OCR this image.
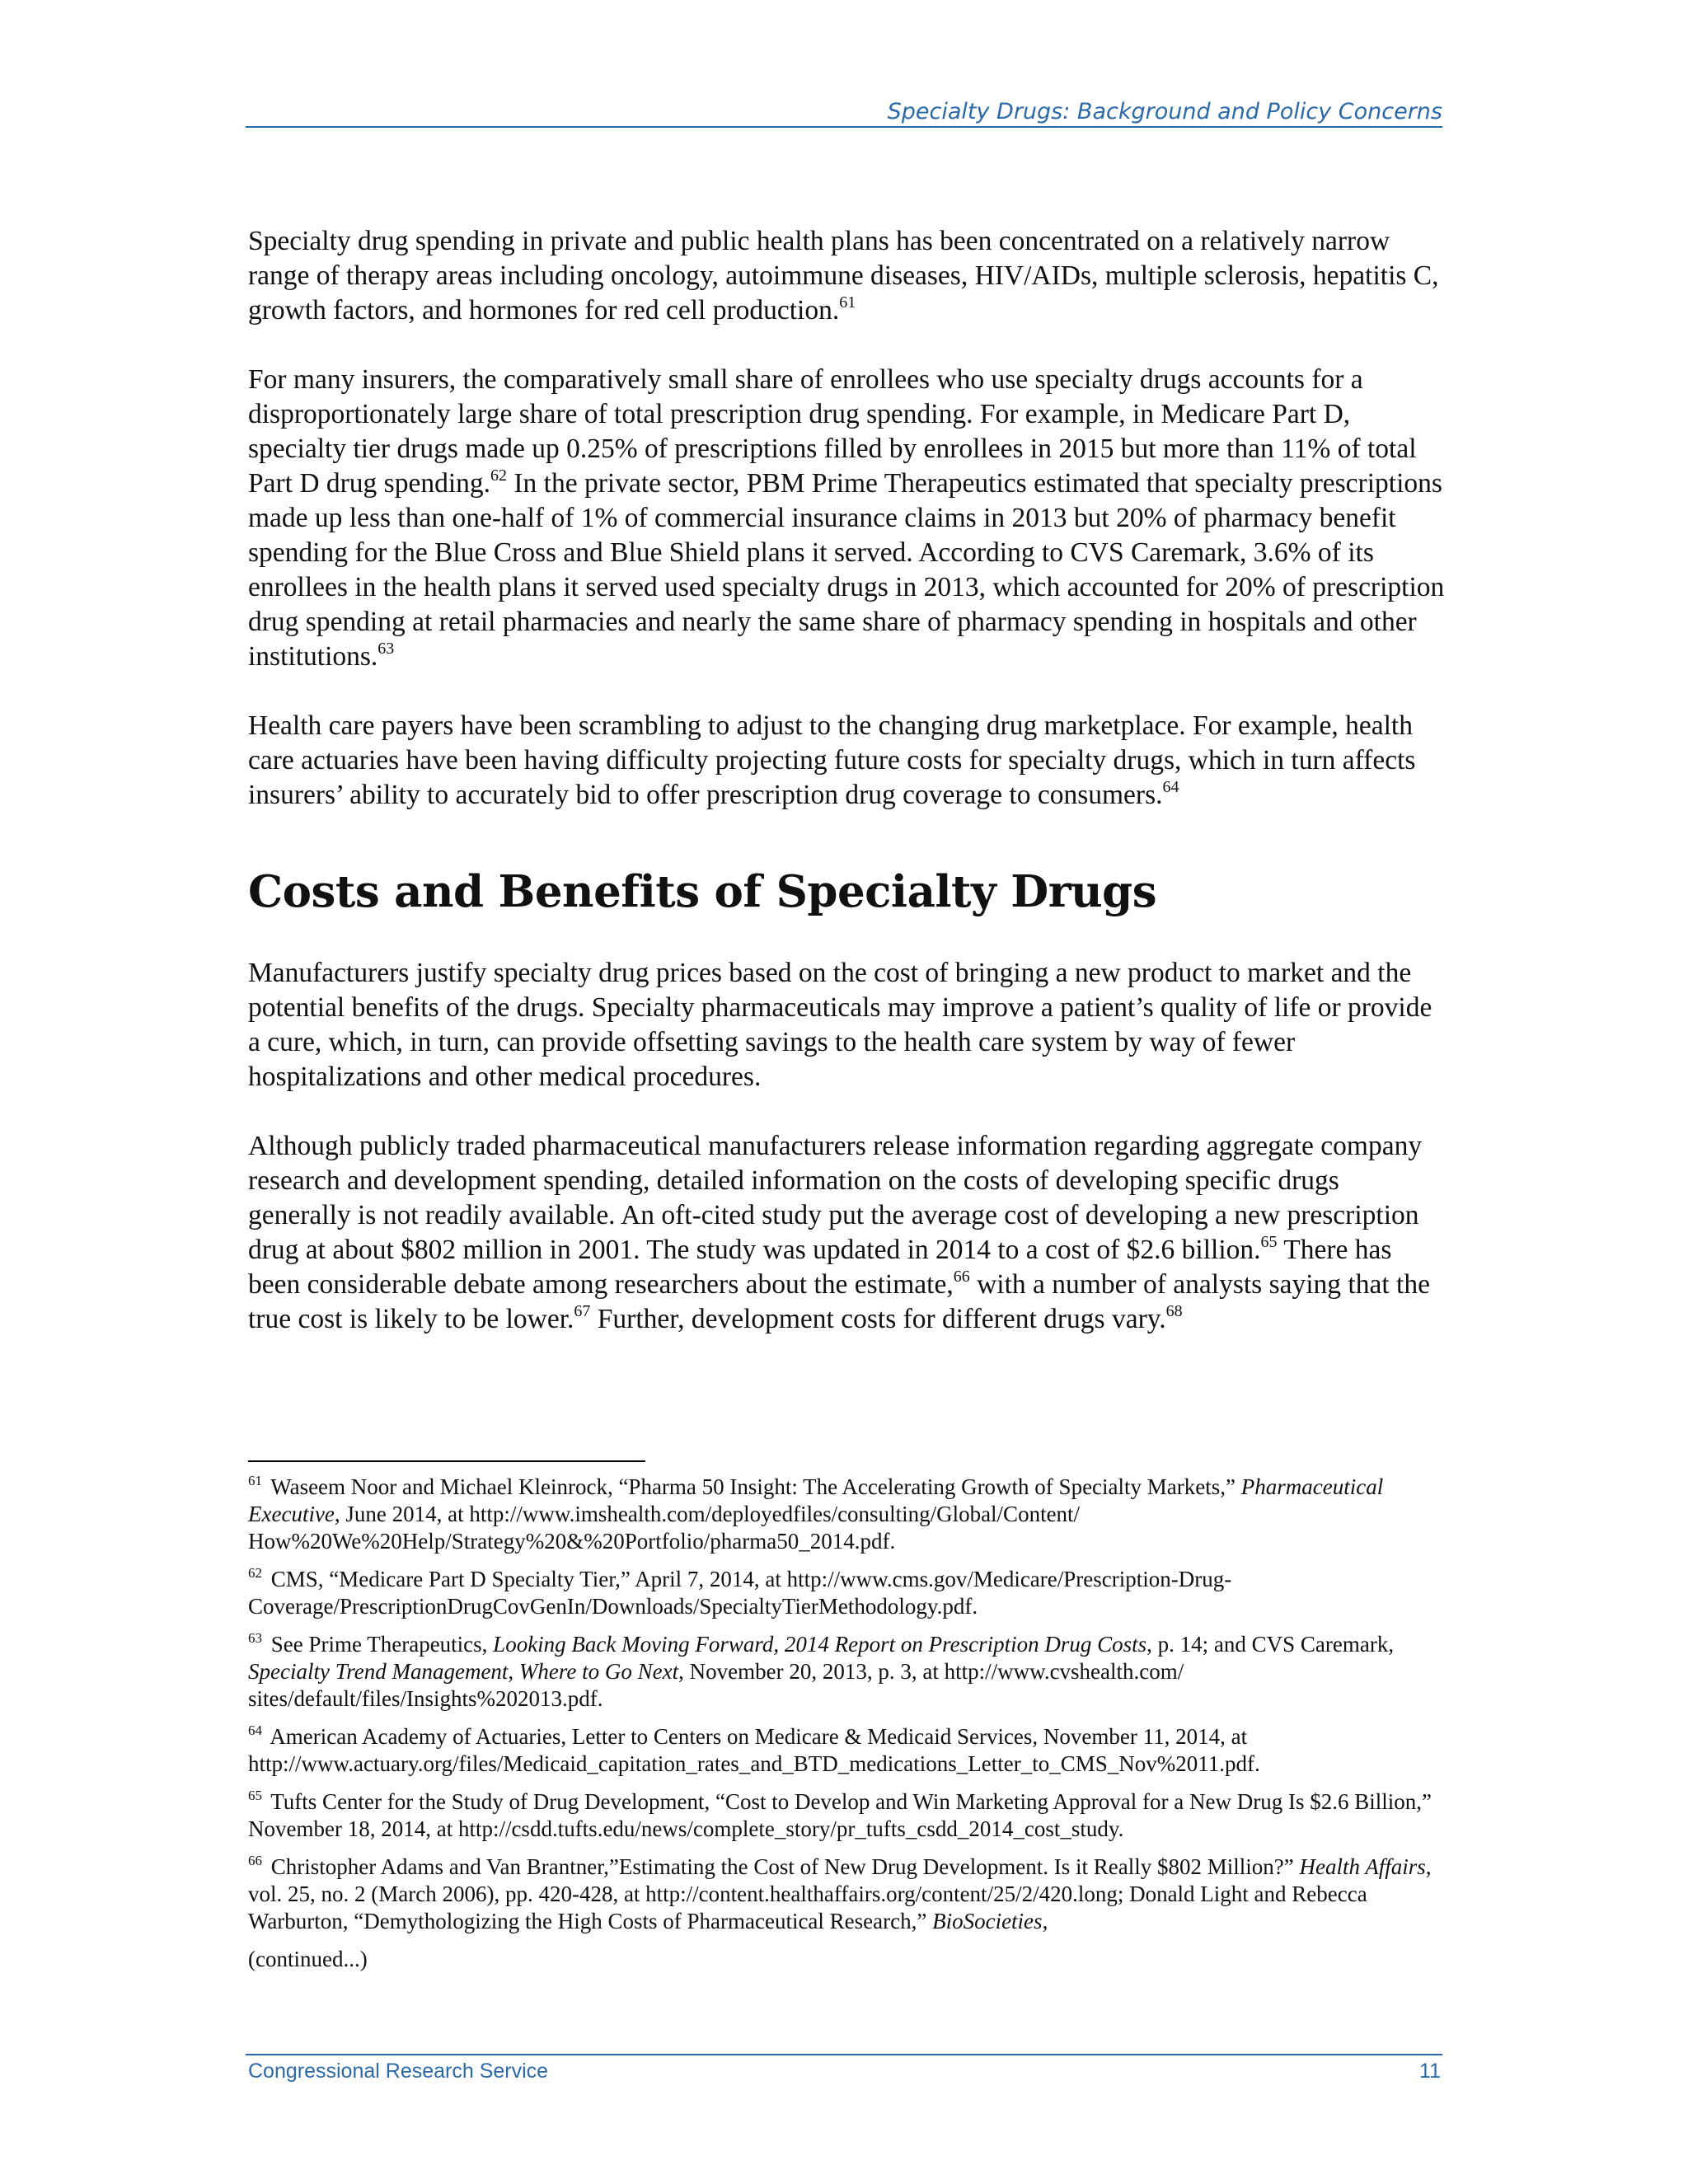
Specialty Drugs: Background and Policy Concerns

Specialty drug spending in private and public health plans has been concentrated on a relatively narrow range of therapy areas including oncology, autoimmune diseases, HIV/AIDs, multiple sclerosis, hepatitis C, growth factors, and hormones for red cell production.$^{61}$

For many insurers, the comparatively small share of enrollees who use specialty drugs accounts for a disproportionately large share of total prescription drug spending. For example, in Medicare Part D, specialty tier drugs made up 0.25% of prescriptions filled by enrollees in 2015 but more than 11% of total Part D drug spending.$^{62}$ In the private sector, PBM Prime Therapeutics estimated that specialty prescriptions made up less than one-half of 1% of commercial insurance claims in 2013 but 20% of pharmacy benefit spending for the Blue Cross and Blue Shield plans it served. According to CVS Caremark, 3.6% of its enrollees in the health plans it served used specialty drugs in 2013, which accounted for 20% of prescription drug spending at retail pharmacies and nearly the same share of pharmacy spending in hospitals and other institutions.$^{63}$

Health care payers have been scrambling to adjust to the changing drug marketplace. For example, health care actuaries have been having difficulty projecting future costs for specialty drugs, which in turn affects insurers’ ability to accurately bid to offer prescription drug coverage to consumers.$^{64}$

Costs and Benefits of Specialty Drugs

Manufacturers justify specialty drug prices based on the cost of bringing a new product to market and the potential benefits of the drugs. Specialty pharmaceuticals may improve a patient’s quality of life or provide a cure, which, in turn, can provide offsetting savings to the health care system by way of fewer hospitalizations and other medical procedures.

Although publicly traded pharmaceutical manufacturers release information regarding aggregate company research and development spending, detailed information on the costs of developing specific drugs generally is not readily available. An oft-cited study put the average cost of developing a new prescription drug at about $802 million in 2001. The study was updated in 2014 to a cost of $2.6 billion.$^{65}$ There has been considerable debate among researchers about the estimate,$^{66}$ with a number of analysts saying that the true cost is likely to be lower.$^{67}$ Further, development costs for different drugs vary.$^{68}$

$^{61}$ Waseem Noor and Michael Kleinrock, “Pharma 50 Insight: The Accelerating Growth of Specialty Markets,” Pharmaceutical Executive, June 2014, at http://www.imshealth.com/deployedfiles/consulting/Global/Content/ How%20We%20Help/Strategy%20&%20Portfolio/pharma50_2014.pdf.

$^{62}$ CMS, “Medicare Part D Specialty Tier,” April 7, 2014, at http://www.cms.gov/Medicare/Prescription-Drug-Coverage/PrescriptionDrugCovGenIn/Downloads/SpecialtyTierMethodology.pdf.

$^{63}$ See Prime Therapeutics, Looking Back Moving Forward, 2014 Report on Prescription Drug Costs, p. 14; and CVS Caremark, Specialty Trend Management, Where to Go Next, November 20, 2013, p. 3, at http://www.cvshealth.com/ sites/default/files/Insights%202013.pdf.

$^{64}$ American Academy of Actuaries, Letter to Centers on Medicare & Medicaid Services, November 11, 2014, at http://www.actuary.org/files/Medicaid_capitation_rates_and_BTD_medications_Letter_to_CMS_Nov%2011.pdf.

$^{65}$ Tufts Center for the Study of Drug Development, “Cost to Develop and Win Marketing Approval for a New Drug Is $2.6 Billion,” November 18, 2014, at http://csdd.tufts.edu/news/complete_story/pr_tufts_csdd_2014_cost_study.

$^{66}$ Christopher Adams and Van Brantner,”Estimating the Cost of New Drug Development. Is it Really $802 Million?” Health Affairs, vol. 25, no. 2 (March 2006), pp. 420-428, at http://content.healthaffairs.org/content/25/2/420.long; Donald Light and Rebecca Warburton, “Demythologizing the High Costs of Pharmaceutical Research,” BioSocieties,

(continued...)

Congressional Research Service	11
